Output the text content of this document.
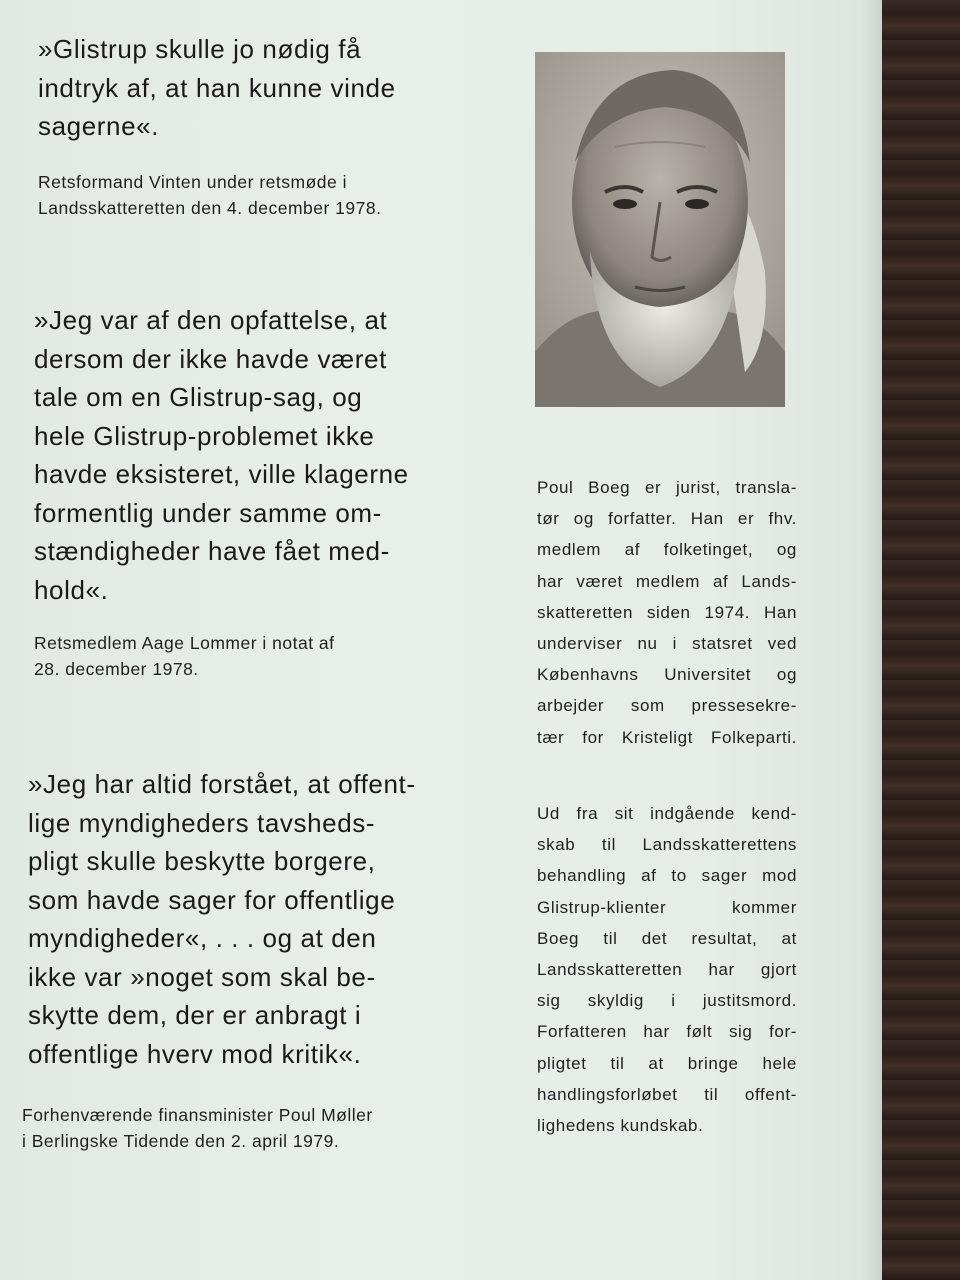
»Glistrup skulle jo nødig få
indtryk af, at han kunne vinde
sagerne«.
Retsformand Vinten under retsmøde i
Landsskatteretten den 4. december 1978.
»Jeg var af den opfattelse, at
dersom der ikke havde været
tale om en Glistrup-sag, og
hele Glistrup-problemet ikke
havde eksisteret, ville klagerne
formentlig under samme om-
stændigheder have fået med-
hold«.
Retsmedlem Aage Lommer i notat af
28. december 1978.
»Jeg har altid forstået, at offent-
lige myndigheders tavsheds-
pligt skulle beskytte borgere,
som havde sager for offentlige
myndigheder«, . . . og at den
ikke var »noget som skal be-
skytte dem, der er anbragt i
offentlige hverv mod kritik«.
Forhenværende finansminister Poul Møller
i Berlingske Tidende den 2. april 1979.
Poul Boeg er jurist, transla-
tør og forfatter. Han er fhv.
medlem af folketinget, og
har været medlem af Lands-
skatteretten siden 1974. Han
underviser nu i statsret ved
Københavns Universitet og
arbejder som pressesekre-
tær for Kristeligt Folkeparti.
Ud fra sit indgående kend-
skab til Landsskatterettens
behandling af to sager mod
Glistrup-klienter kommer
Boeg til det resultat, at
Landsskatteretten har gjort
sig skyldig i justitsmord.
Forfatteren har følt sig for-
pligtet til at bringe hele
handlingsforløbet til offent-
lighedens kundskab.
